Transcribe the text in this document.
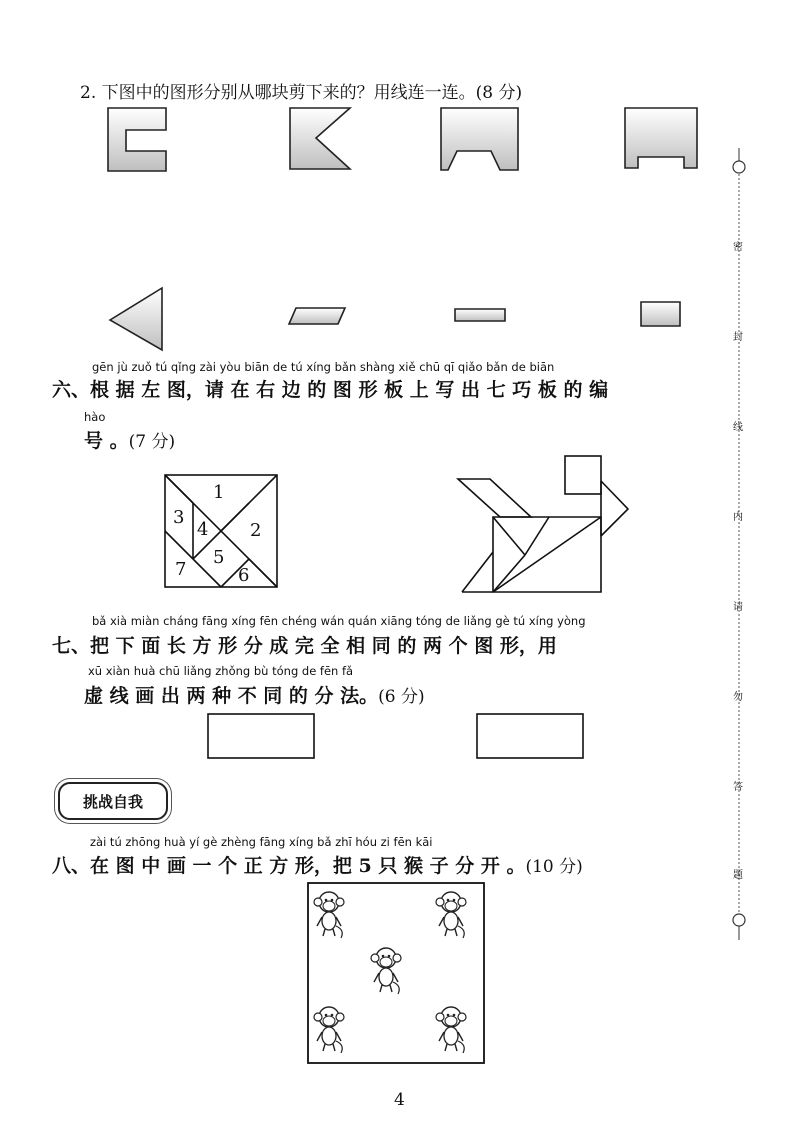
2. 下图中的图形分别从哪块剪下来的？用线连一连。(8 分)
1
2
3
4
5
6
7
gēn jù zuǒ tú qǐng zài yòu biān de tú xíng bǎn shàng xiě chū qī qiǎo bǎn de biān
六、根 据 左 图，请 在 右 边 的 图 形 板 上 写 出 七 巧 板 的 编
hào
号 。(7 分)
bǎ xià miàn cháng fāng xíng fēn chéng wán quán xiāng tóng de liǎng gè tú xíng yòng
七、把 下 面 长 方 形 分 成 完 全 相 同 的 两 个 图 形，用
xū xiàn huà chū liǎng zhǒng bù tóng de fēn fǎ
虚 线 画 出 两 种 不 同 的 分 法。(6 分)
挑战自我
zài tú zhōng huà yí gè zhèng fāng xíng bǎ zhī hóu zi fēn kāi
八、在 图 中 画 一 个 正 方 形，把 5 只 猴 子 分 开 。(10 分)
密
封
线
内
请
勿
答
题
4
